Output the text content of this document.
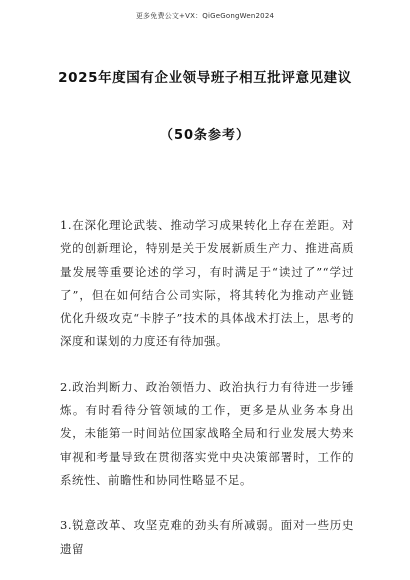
更多免费公文+VX：QiGeGongWen2024
2025年度国有企业领导班子相互批评意见建议
（50条参考）

1.在深化理论武装、推动学习成果转化上存在差距。对党的创新理论，特别是关于发展新质生产力、推进高质量发展等重要论述的学习，有时满足于“读过了”“学过了”，但在如何结合公司实际，将其转化为推动产业链优化升级攻克“卡脖子”技术的具体战术打法上，思考的深度和谋划的力度还有待加强。

2.政治判断力、政治领悟力、政治执行力有待进一步锤炼。有时看待分管领域的工作，更多是从业务本身出发，未能第一时间站位国家战略全局和行业发展大势来审视和考量导致在贯彻落实党中央决策部署时，工作的系统性、前瞻性和协同性略显不足。

3.锐意改革、攻坚克难的劲头有所减弱。面对一些历史遗留
